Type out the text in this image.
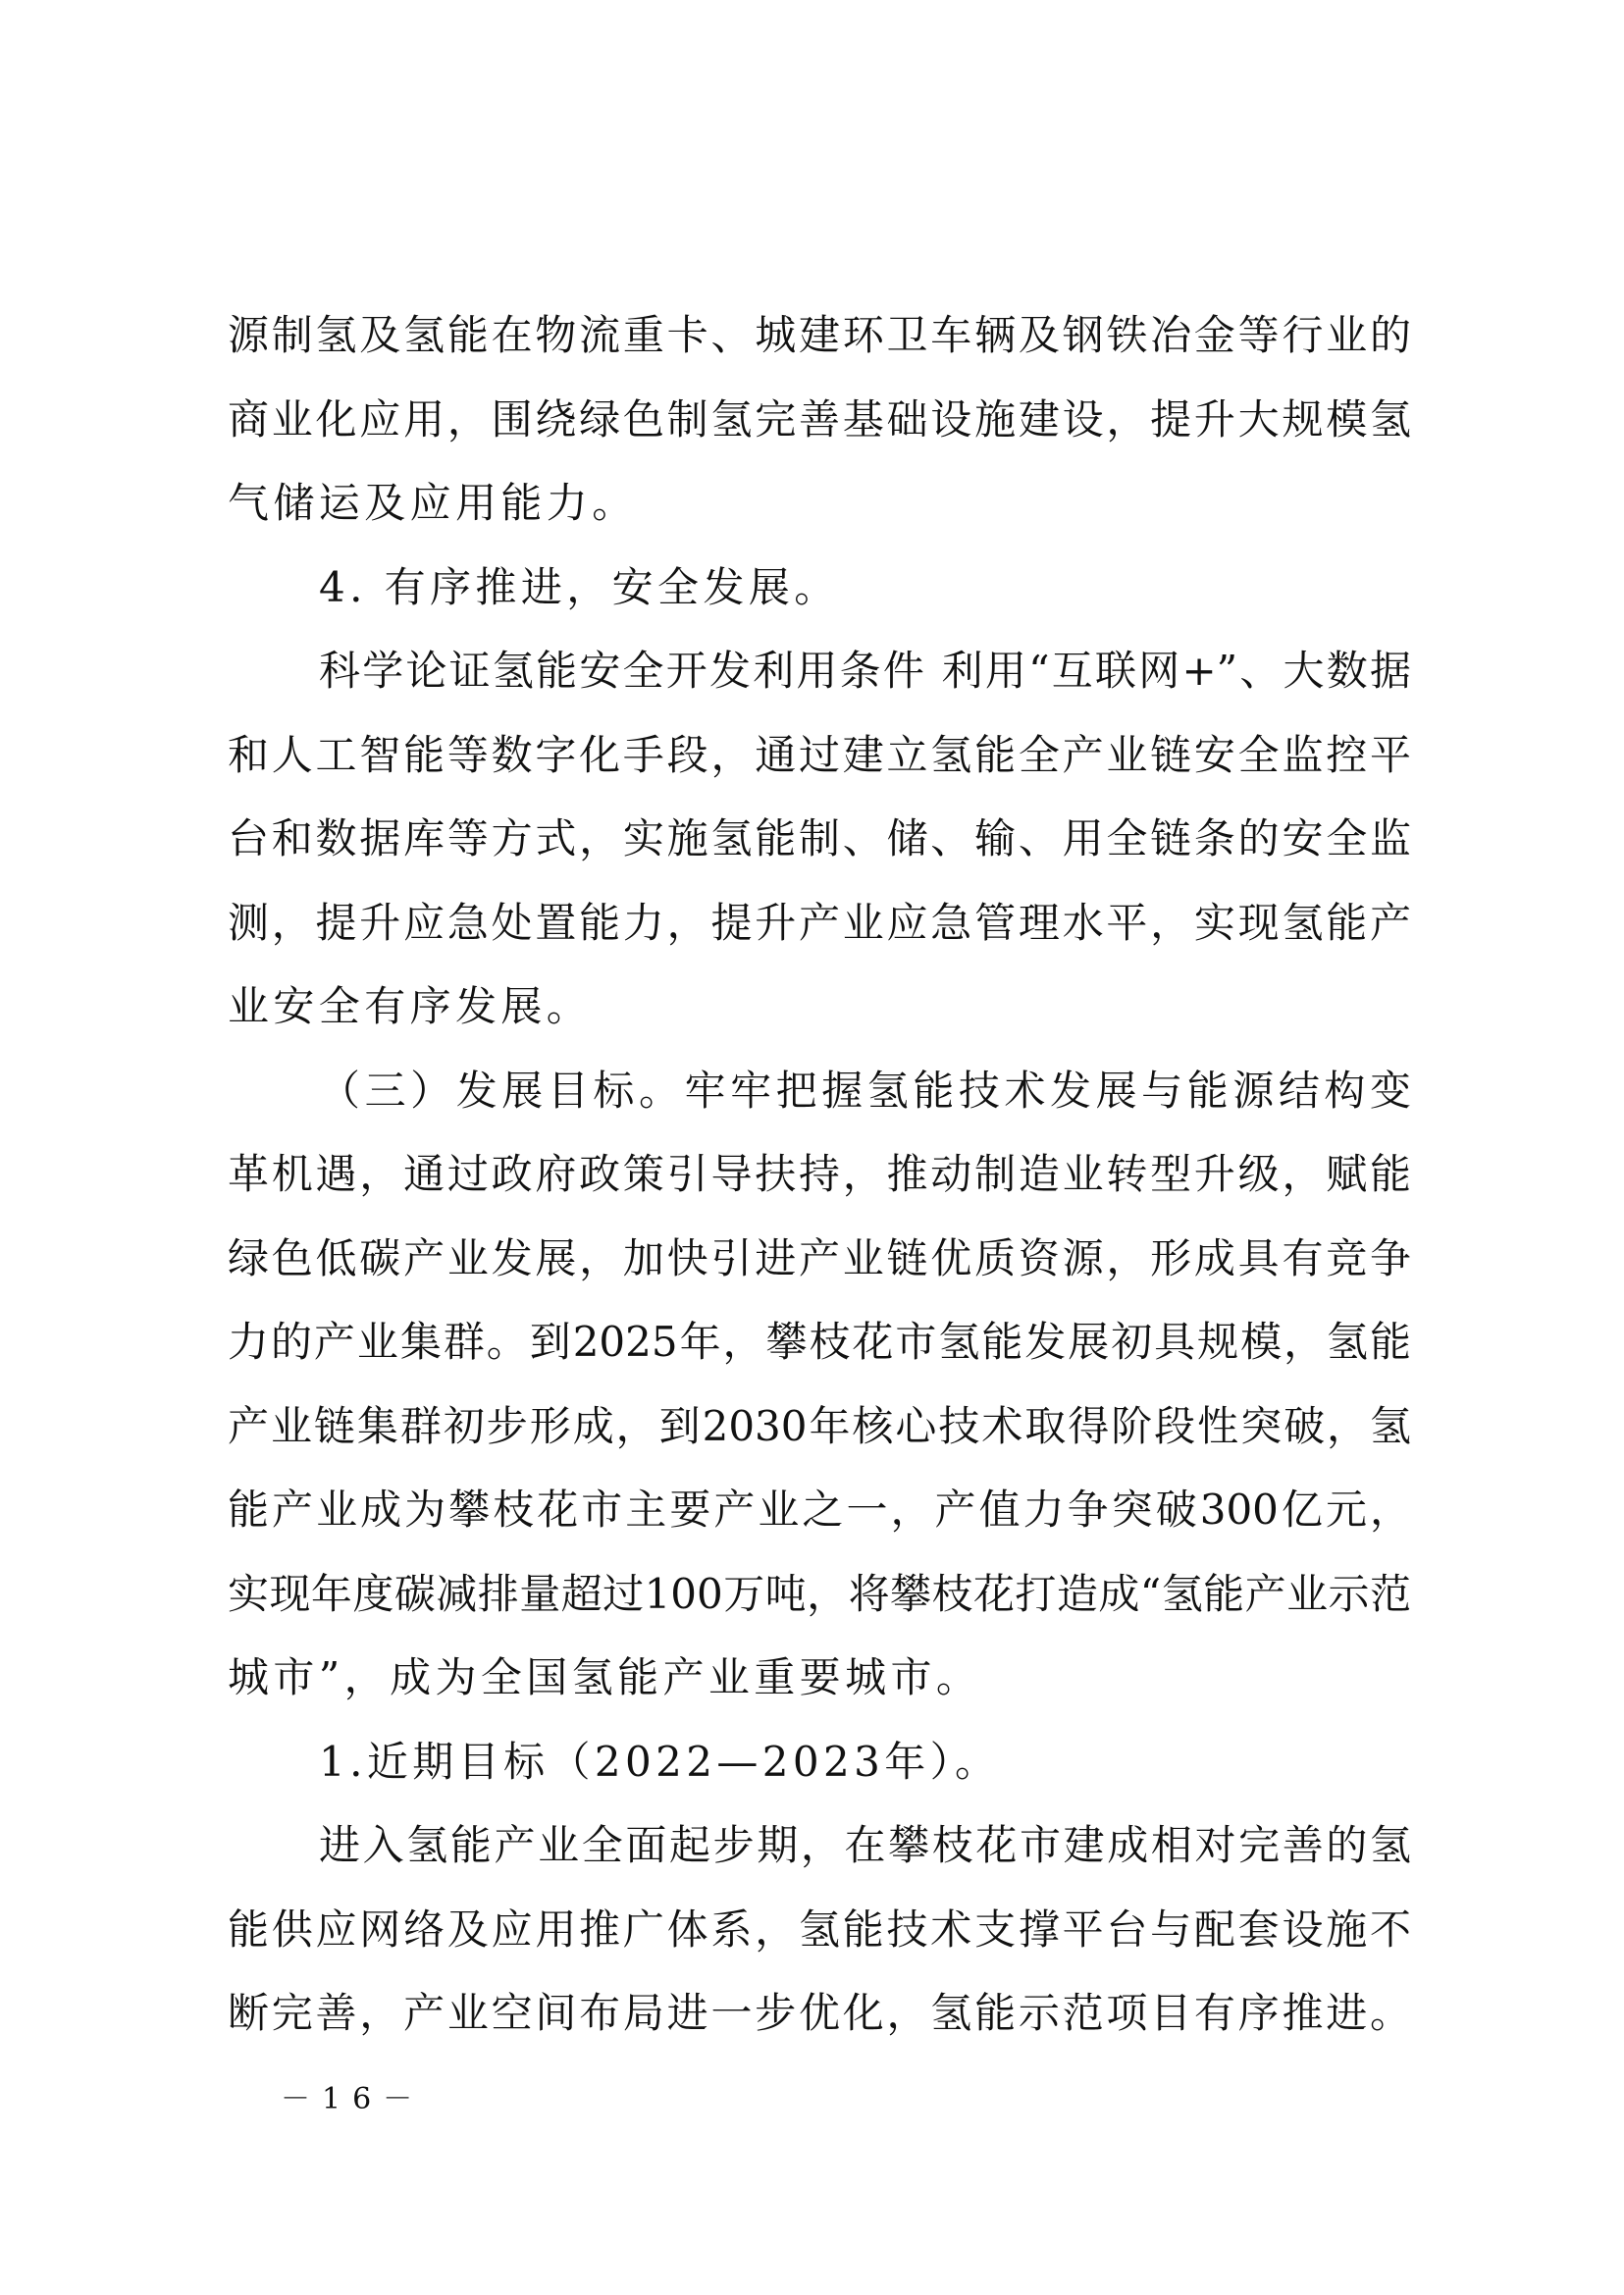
源制氢及氢能在物流重卡、城建环卫车辆及钢铁冶金等行业的
商业化应用，围绕绿色制氢完善基础设施建设，提升大规模氢
气储运及应用能力。
4. 有序推进，安全发展。
科学论证氢能安全开发利用条件 利用“互联网+”、大数据
和人工智能等数字化手段，通过建立氢能全产业链安全监控平
台和数据库等方式，实施氢能制、储、输、用全链条的安全监
测，提升应急处置能力，提升产业应急管理水平，实现氢能产
业安全有序发展。
（三）发展目标。牢牢把握氢能技术发展与能源结构变
革机遇，通过政府政策引导扶持，推动制造业转型升级，赋能
绿色低碳产业发展，加快引进产业链优质资源，形成具有竞争
力的产业集群。到2025年，攀枝花市氢能发展初具规模，氢能
产业链集群初步形成，到2030年核心技术取得阶段性突破，氢
能产业成为攀枝花市主要产业之一，产值力争突破300亿元，
实现年度碳减排量超过100万吨，将攀枝花打造成“氢能产业示范
城市”，成为全国氢能产业重要城市。
1.近期目标（2022—2023年）。
进入氢能产业全面起步期，在攀枝花市建成相对完善的氢
能供应网络及应用推广体系，氢能技术支撑平台与配套设施不
断完善，产业空间布局进一步优化，氢能示范项目有序推进。
－16－
